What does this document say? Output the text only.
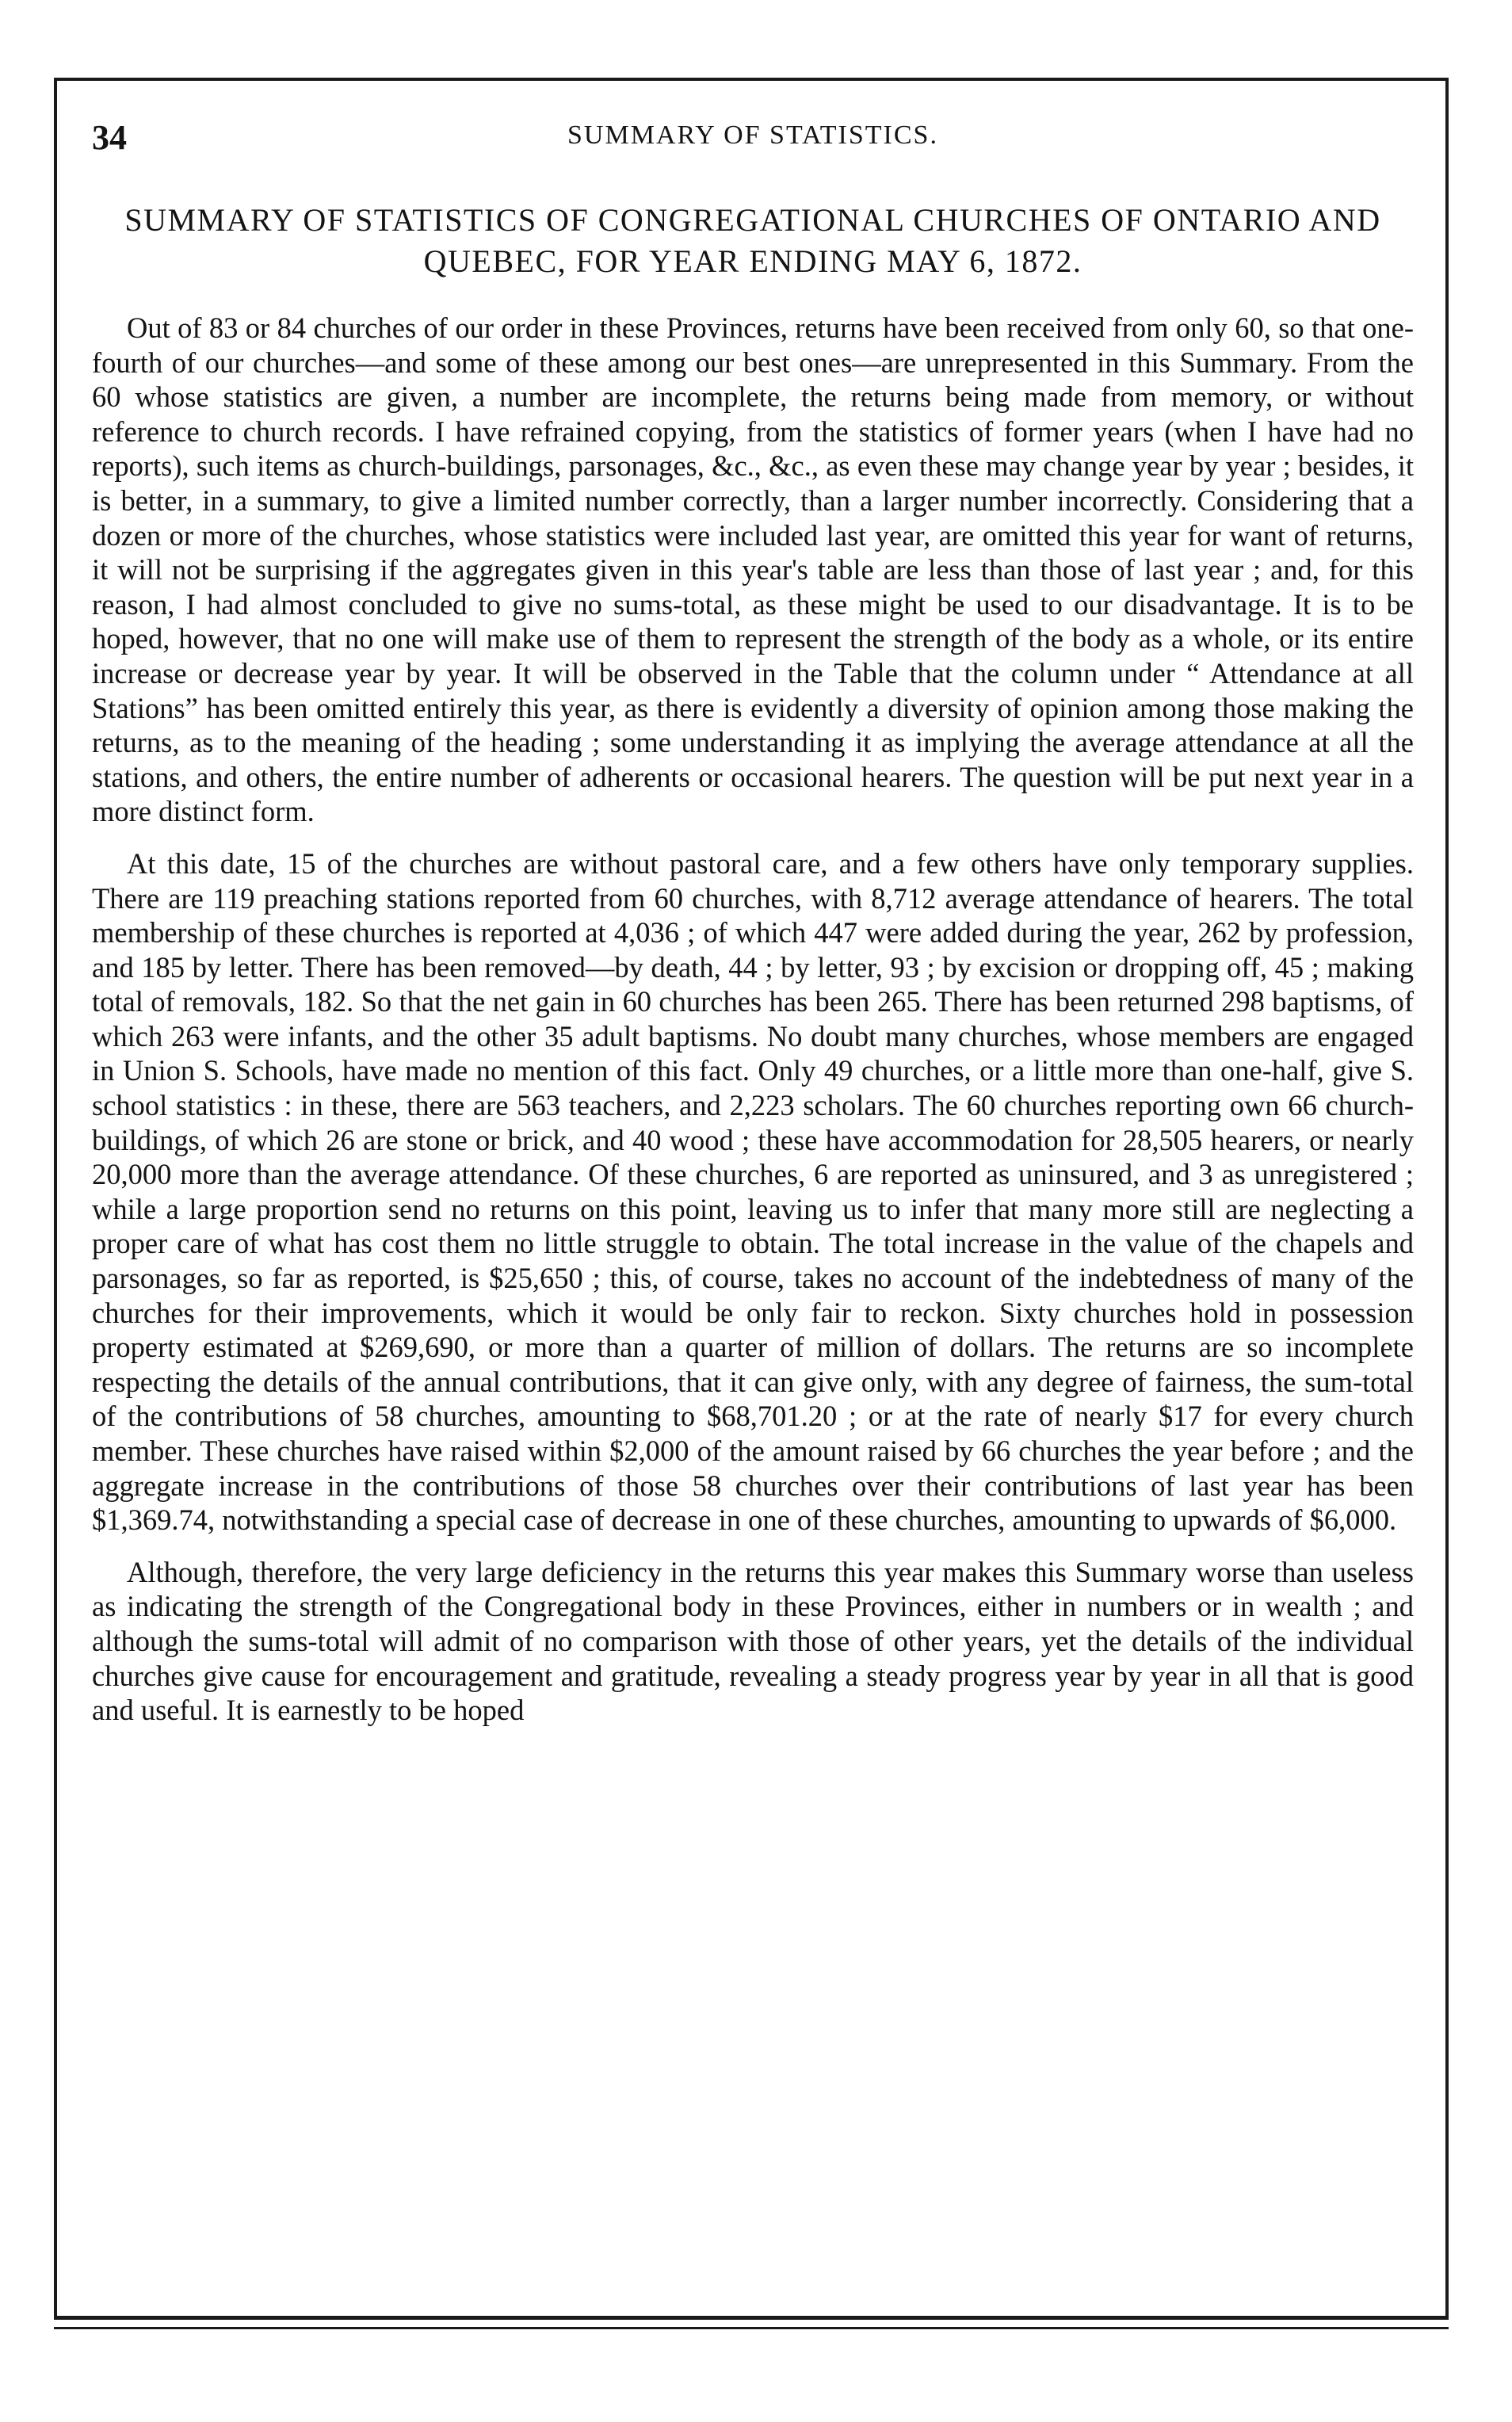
34	SUMMARY OF STATISTICS.
SUMMARY OF STATISTICS OF CONGREGATIONAL CHURCHES OF ONTARIO AND QUEBEC, FOR YEAR ENDING MAY 6, 1872.

Out of 83 or 84 churches of our order in these Provinces, returns have been received from only 60, so that one-fourth of our churches—and some of these among our best ones—are unrepresented in this Summary. From the 60 whose statistics are given, a number are incomplete, the returns being made from memory, or without reference to church records. I have refrained copying, from the statistics of former years (when I have had no reports), such items as church-buildings, parsonages, &c., &c., as even these may change year by year ; besides, it is better, in a summary, to give a limited number correctly, than a larger number incorrectly. Considering that a dozen or more of the churches, whose statistics were included last year, are omitted this year for want of returns, it will not be surprising if the aggregates given in this year's table are less than those of last year ; and, for this reason, I had almost concluded to give no sums-total, as these might be used to our disadvantage. It is to be hoped, however, that no one will make use of them to represent the strength of the body as a whole, or its entire increase or decrease year by year. It will be observed in the Table that the column under “ Attendance at all Stations” has been omitted entirely this year, as there is evidently a diversity of opinion among those making the returns, as to the meaning of the heading ; some understanding it as implying the average attendance at all the stations, and others, the entire number of adherents or occasional hearers. The question will be put next year in a more distinct form.

At this date, 15 of the churches are without pastoral care, and a few others have only temporary supplies. There are 119 preaching stations reported from 60 churches, with 8,712 average attendance of hearers. The total membership of these churches is reported at 4,036 ; of which 447 were added during the year, 262 by profession, and 185 by letter. There has been removed—by death, 44 ; by letter, 93 ; by excision or dropping off, 45 ; making total of removals, 182. So that the net gain in 60 churches has been 265. There has been returned 298 baptisms, of which 263 were infants, and the other 35 adult baptisms. No doubt many churches, whose members are engaged in Union S. Schools, have made no mention of this fact. Only 49 churches, or a little more than one-half, give S. school statistics : in these, there are 563 teachers, and 2,223 scholars. The 60 churches reporting own 66 church-buildings, of which 26 are stone or brick, and 40 wood ; these have accommodation for 28,505 hearers, or nearly 20,000 more than the average attendance. Of these churches, 6 are reported as uninsured, and 3 as unregistered ; while a large proportion send no returns on this point, leaving us to infer that many more still are neglecting a proper care of what has cost them no little struggle to obtain. The total increase in the value of the chapels and parsonages, so far as reported, is $25,650 ; this, of course, takes no account of the indebtedness of many of the churches for their improvements, which it would be only fair to reckon. Sixty churches hold in possession property estimated at $269,690, or more than a quarter of million of dollars. The returns are so incomplete respecting the details of the annual contributions, that it can give only, with any degree of fairness, the sum-total of the contributions of 58 churches, amounting to $68,701.20 ; or at the rate of nearly $17 for every church member. These churches have raised within $2,000 of the amount raised by 66 churches the year before ; and the aggregate increase in the contributions of those 58 churches over their contributions of last year has been $1,369.74, notwithstanding a special case of decrease in one of these churches, amounting to upwards of $6,000.

Although, therefore, the very large deficiency in the returns this year makes this Summary worse than useless as indicating the strength of the Congregational body in these Provinces, either in numbers or in wealth ; and although the sums-total will admit of no comparison with those of other years, yet the details of the individual churches give cause for encouragement and gratitude, revealing a steady progress year by year in all that is good and useful. It is earnestly to be hoped
